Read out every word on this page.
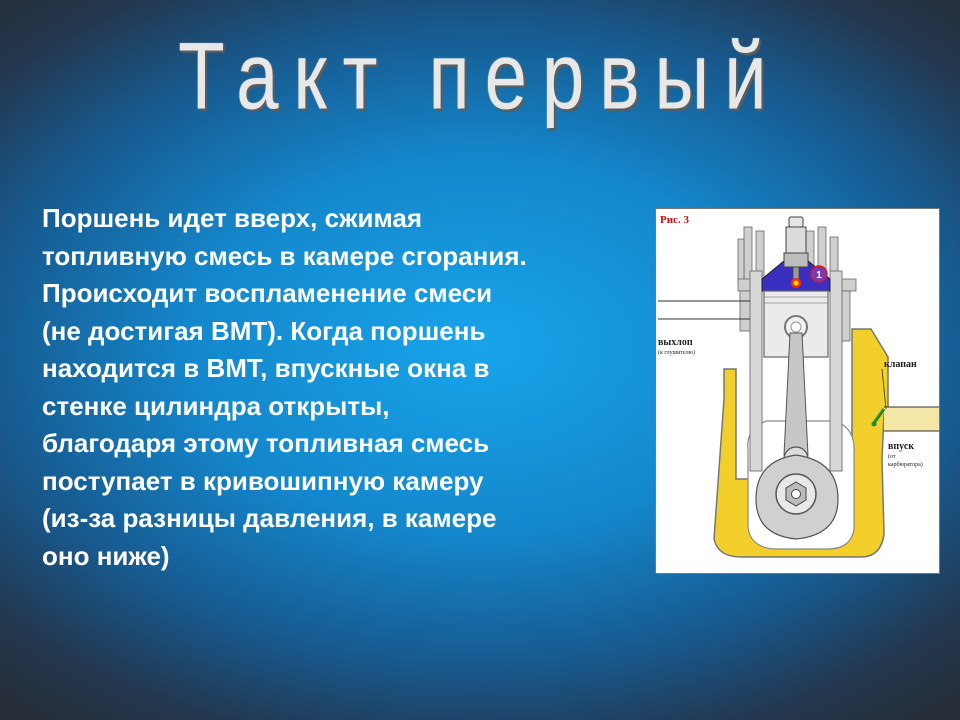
Такт первый
Поршень идет вверх, сжимая
топливную смесь в камере сгорания.
Происходит воспламенение смеси
(не достигая ВМТ). Когда поршень
находится в ВМТ, впускные окна в
стенке цилиндра открыты,
благодаря этому топливная смесь
поступает в кривошипную камеру
(из-за разницы давления, в камере
оно ниже)
Рис. 3
1
выхлоп
(к глушителю)
клапан
впуск
(от
карбюратора)
